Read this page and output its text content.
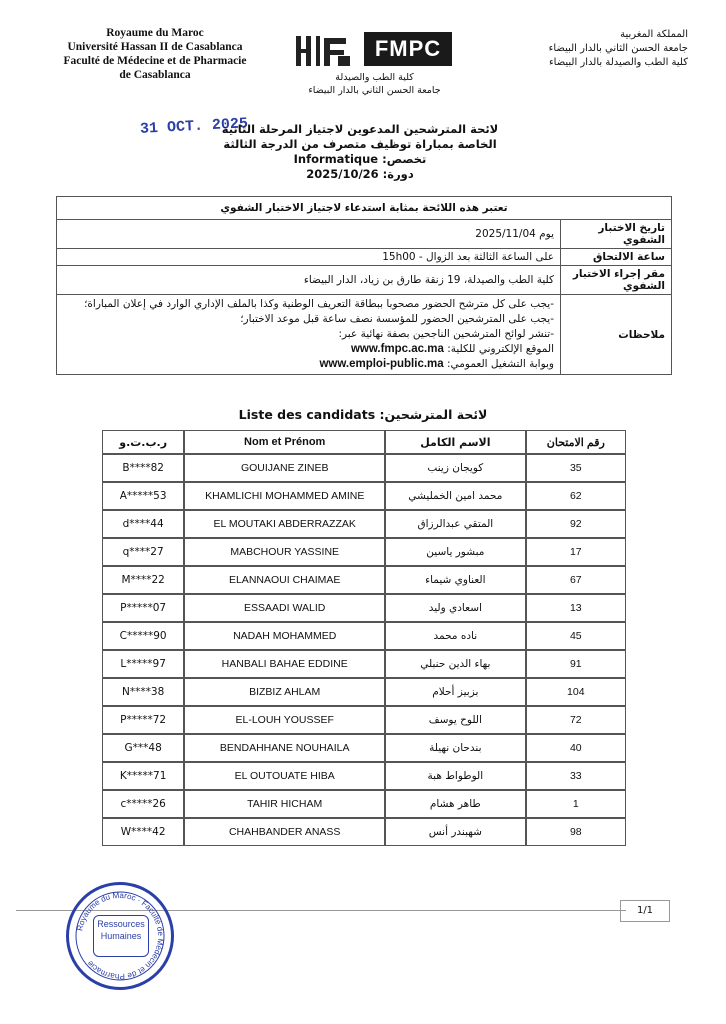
Royaume du Maroc
Université Hassan II de Casablanca
Faculté de Médecine et de Pharmacie
de Casablanca
FMPC
كلية الطب والصيدلة
جامعة الحسن الثاني بالدار البيضاء
المملكة المغربية
جامعة الحسن الثاني بالدار البيضاء
كلية الطب والصيدلة بالدار البيضاء
31 OCT. 2025
لائحة المترشحين المدعوين لاجتياز المرحلة الثانية
الخاصة بمباراة توظيف متصرف من الدرجة الثالثة
تخصص: Informatique
دورة: 2025/10/26
تعتبر هذه اللائحة بمثابة استدعاء لاجتياز الاختبار الشفوي	
يوم 2025/11/04	تاريخ الاختبار الشفوي
على الساعة الثالثة بعد الزوال - 15h00	ساعة الالتحاق
كلية الطب والصيدلة، 19 زنقة طارق بن زياد، الدار البيضاء	مقر إجراء الاختبار الشفوي

-يجب على كل مترشح الحضور مصحوبا ببطاقة التعريف الوطنية وكذا بالملف الإداري الوارد في إعلان المباراة؛
-يجب على المترشحين الحضور للمؤسسة نصف ساعة قبل موعد الاختبار؛
-تنشر لوائح المترشحين الناجحين بصفة نهائية عبر:
الموقع الإلكتروني للكلية: www.fmpc.ac.ma
وبوابة التشغيل العمومي: www.emploi-public.ma	ملاحظات
Liste des candidats :لائحة المترشحين
ر.ب.ت.و	Nom et Prénom	الاسم الكامل	رقم الامتحان
B****82	GOUIJANE ZINEB	كويجان زينب	35
A*****53	KHAMLICHI MOHAMMED AMINE	محمد امين الخمليشي	62
d****44	EL MOUTAKI ABDERRAZZAK	المتقي عبدالرزاق	92
q****27	MABCHOUR YASSINE	مبشور ياسين	17
M****22	ELANNAOUI CHAIMAE	العناوي شيماء	67
P*****07	ESSAADI WALID	اسعادي وليد	13
C*****90	NADAH MOHAMMED	ناده محمد	45
L*****97	HANBALI BAHAE EDDINE	بهاء الدين حنبلي	91
N****38	BIZBIZ AHLAM	بزبيز أحلام	104
P*****72	EL-LOUH YOUSSEF	اللوح يوسف	72
G***48	BENDAHHANE NOUHAILA	بندحان نهيلة	40
K*****71	EL OUTOUATE HIBA	الوطواط هبة	33
c*****26	TAHIR HICHAM	طاهر هشام	1
W****42	CHAHBANDER ANASS	شهبندر أنس	98
1/1
Royaume du Maroc · Faculté de Médecin et de Pharmacie
Ressources Humaines
